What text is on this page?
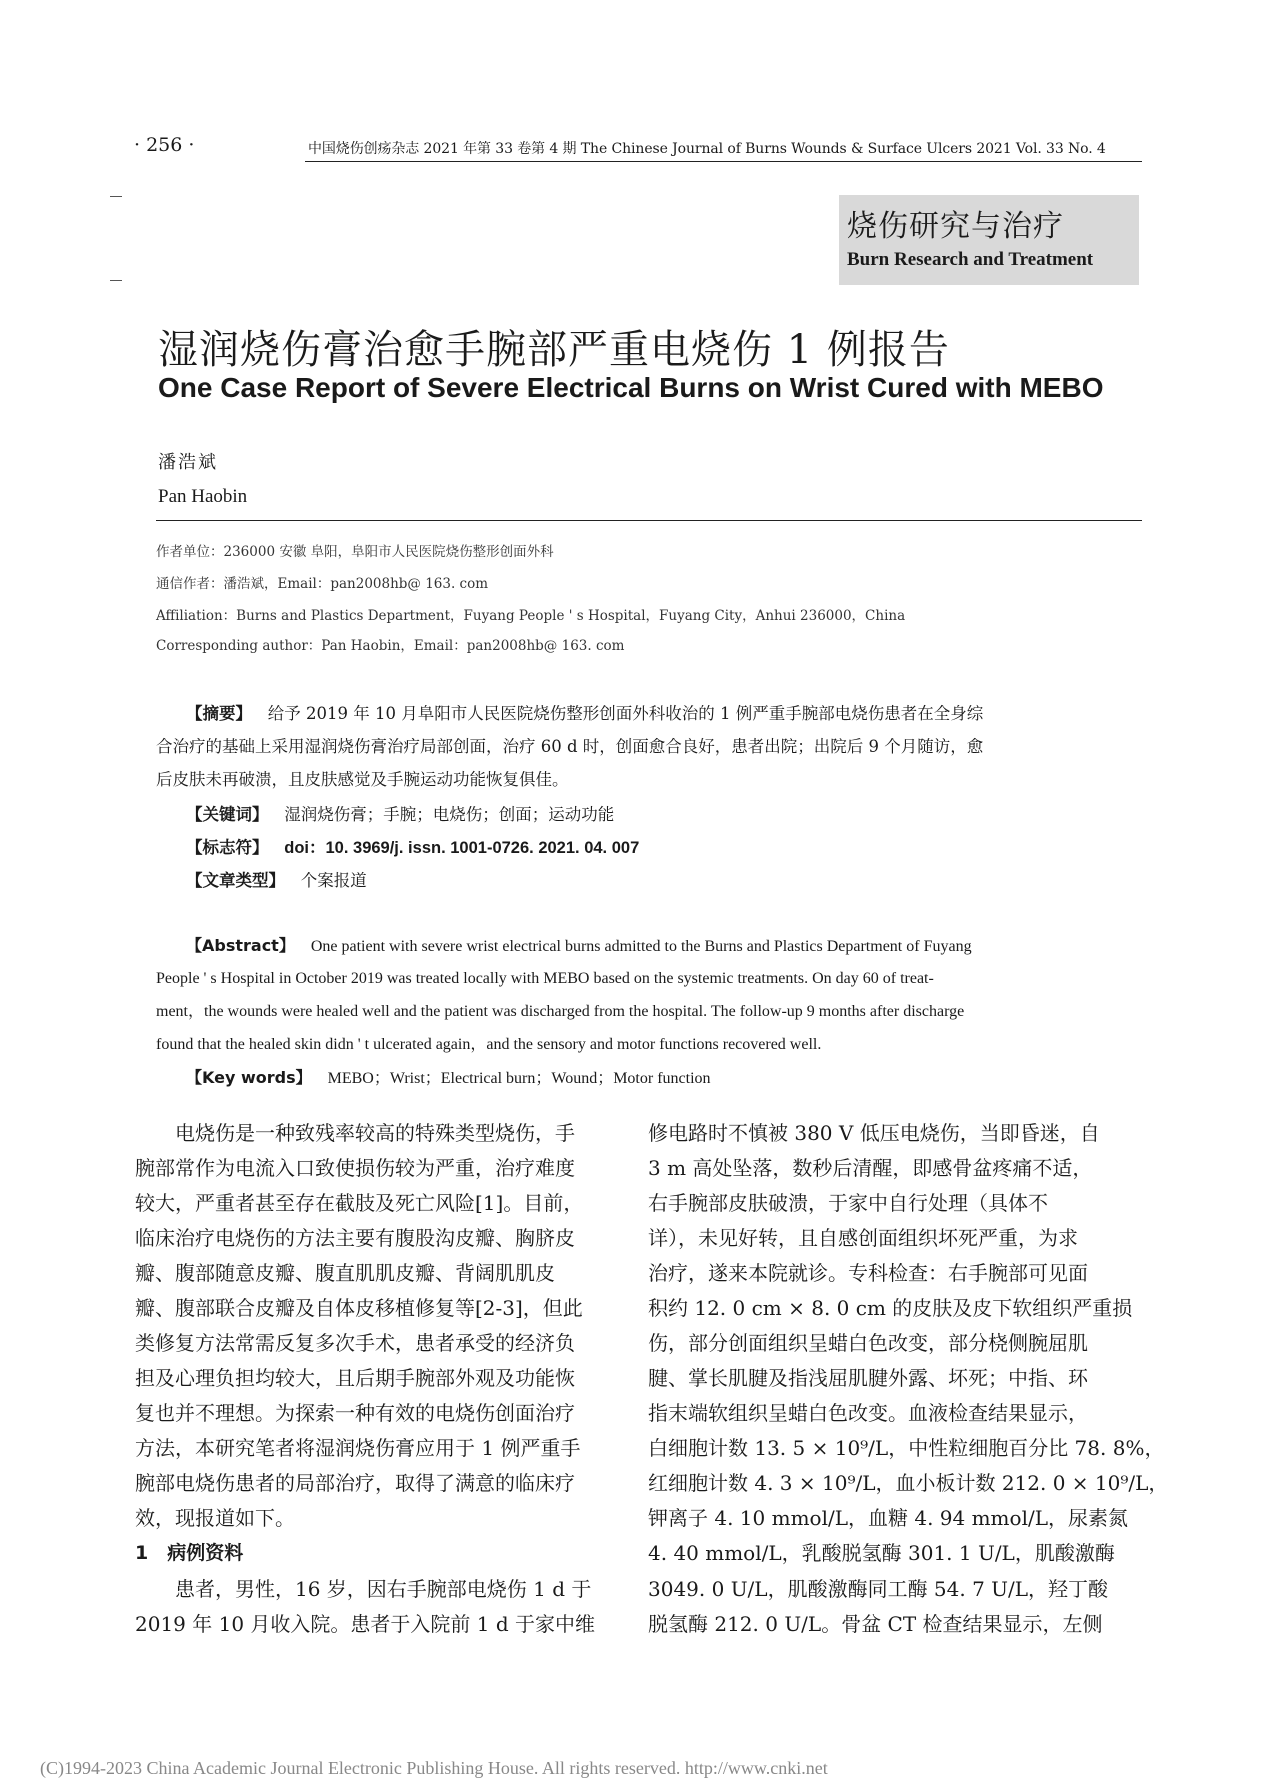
· 256 ·	中国烧伤创疡杂志 2021 年第 33 卷第 4 期 The Chinese Journal of Burns Wounds & Surface Ulcers 2021 Vol. 33 No. 4
烧伤研究与治疗
Burn Research and Treatment
湿润烧伤膏治愈手腕部严重电烧伤 1 例报告
One Case Report of Severe Electrical Burns on Wrist Cured with MEBO
潘浩斌
Pan Haobin
作者单位：236000 安徽 阜阳，阜阳市人民医院烧伤整形创面外科
通信作者：潘浩斌，Email：pan2008hb@ 163. com
Affiliation：Burns and Plastics Department，Fuyang People ' s Hospital，Fuyang City，Anhui 236000，China
Corresponding author：Pan Haobin，Email：pan2008hb@ 163. com
【摘要】 给予 2019 年 10 月阜阳市人民医院烧伤整形创面外科收治的 1 例严重手腕部电烧伤患者在全身综
合治疗的基础上采用湿润烧伤膏治疗局部创面，治疗 60 d 时，创面愈合良好，患者出院；出院后 9 个月随访，愈
后皮肤未再破溃，且皮肤感觉及手腕运动功能恢复俱佳。
【关键词】 湿润烧伤膏；手腕；电烧伤；创面；运动功能
【标志符】 doi：10. 3969/j. issn. 1001-0726. 2021. 04. 007
【文章类型】 个案报道
【Abstract】 One patient with severe wrist electrical burns admitted to the Burns and Plastics Department of Fuyang
People ' s Hospital in October 2019 was treated locally with MEBO based on the systemic treatments. On day 60 of treat-
ment，the wounds were healed well and the patient was discharged from the hospital. The follow-up 9 months after discharge
found that the healed skin didn ' t ulcerated again，and the sensory and motor functions recovered well.
【Key words】 MEBO；Wrist；Electrical burn；Wound；Motor function
　　电烧伤是一种致残率较高的特殊类型烧伤，手
腕部常作为电流入口致使损伤较为严重，治疗难度
较大，严重者甚至存在截肢及死亡风险[1]。目前，
临床治疗电烧伤的方法主要有腹股沟皮瓣、胸脐皮
瓣、腹部随意皮瓣、腹直肌肌皮瓣、背阔肌肌皮
瓣、腹部联合皮瓣及自体皮移植修复等[2-3]，但此
类修复方法常需反复多次手术，患者承受的经济负
担及心理负担均较大，且后期手腕部外观及功能恢
复也并不理想。为探索一种有效的电烧伤创面治疗
方法，本研究笔者将湿润烧伤膏应用于 1 例严重手
腕部电烧伤患者的局部治疗，取得了满意的临床疗
效，现报道如下。
1　病例资料
　　患者，男性，16 岁，因右手腕部电烧伤 1 d 于
2019 年 10 月收入院。患者于入院前 1 d 于家中维
修电路时不慎被 380 V 低压电烧伤，当即昏迷，自
3 m 高处坠落，数秒后清醒，即感骨盆疼痛不适，
右手腕部皮肤破溃，于家中自行处理（具体不
详），未见好转，且自感创面组织坏死严重，为求
治疗，遂来本院就诊。专科检查：右手腕部可见面
积约 12. 0 cm × 8. 0 cm 的皮肤及皮下软组织严重损
伤，部分创面组织呈蜡白色改变，部分桡侧腕屈肌
腱、掌长肌腱及指浅屈肌腱外露、坏死；中指、环
指末端软组织呈蜡白色改变。血液检查结果显示，
白细胞计数 13. 5 × 10⁹/L，中性粒细胞百分比 78. 8%，
红细胞计数 4. 3 × 10⁹/L，血小板计数 212. 0 × 10⁹/L，
钾离子 4. 10 mmol/L，血糖 4. 94 mmol/L，尿素氮
4. 40 mmol/L，乳酸脱氢酶 301. 1 U/L，肌酸激酶
3049. 0 U/L，肌酸激酶同工酶 54. 7 U/L，羟丁酸
脱氢酶 212. 0 U/L。骨盆 CT 检查结果显示，左侧
(C)1994-2023 China Academic Journal Electronic Publishing House. All rights reserved. http://www.cnki.net
